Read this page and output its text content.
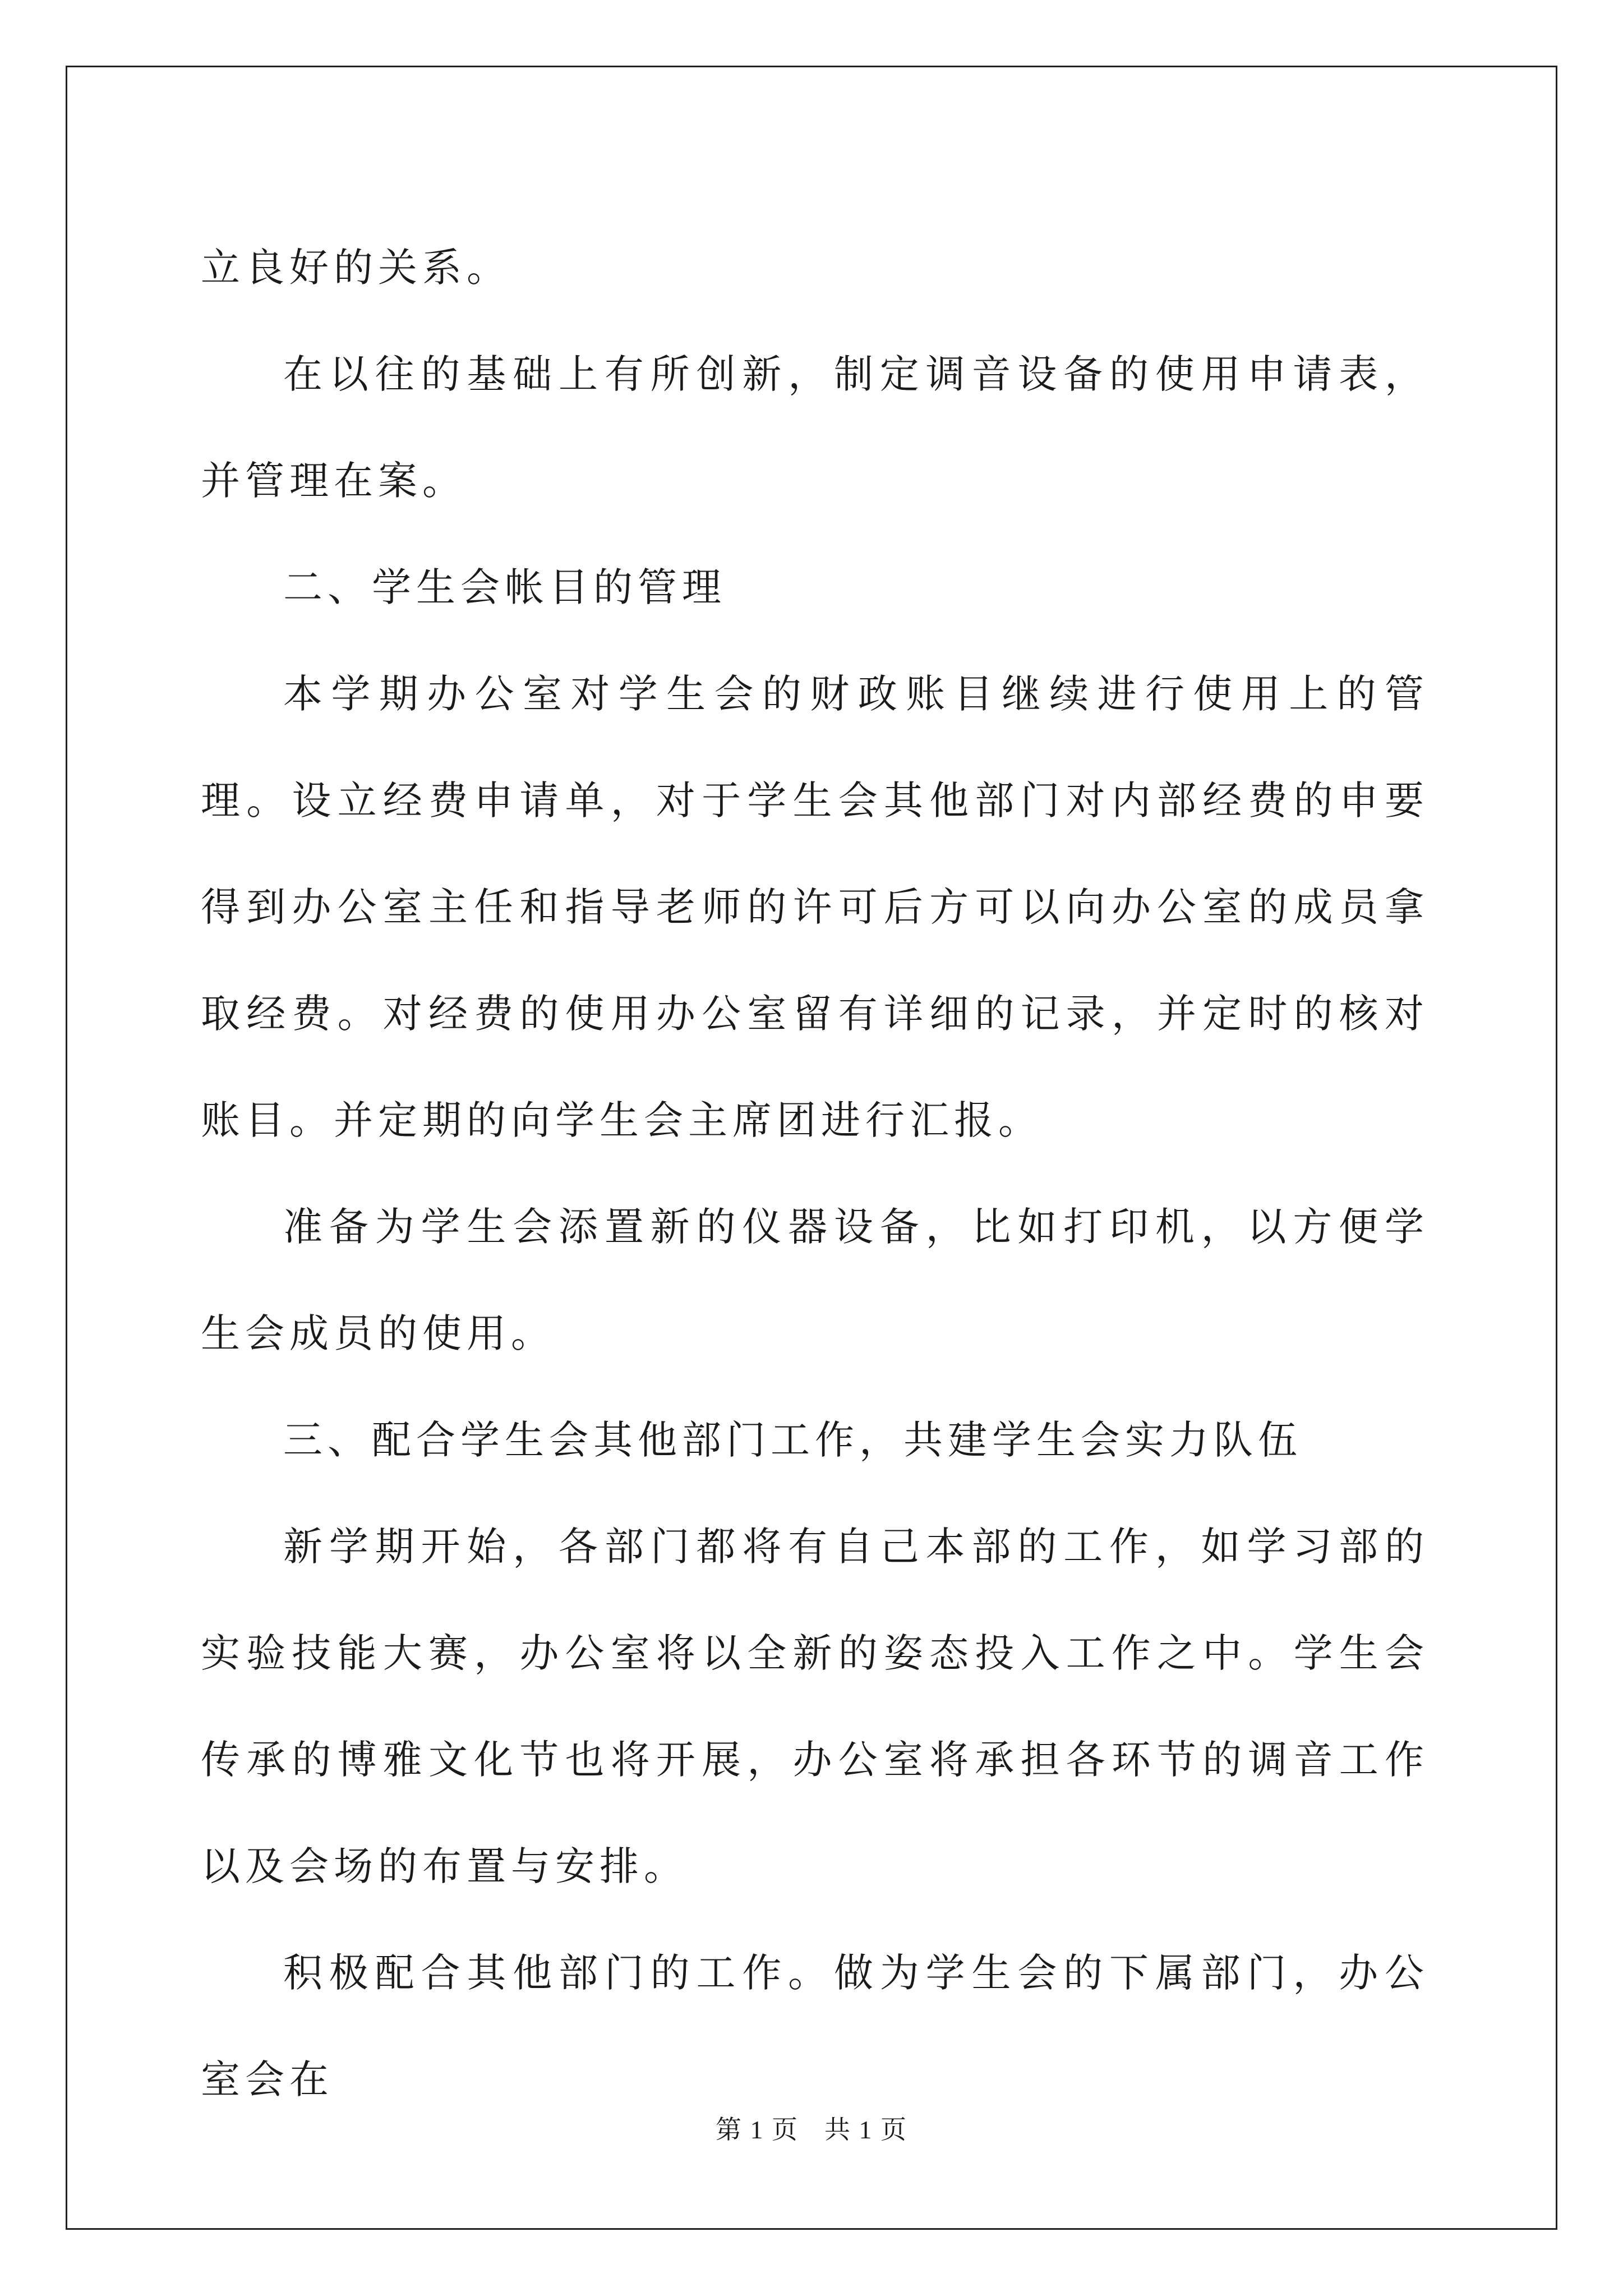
立良好的关系。

在以往的基础上有所创新，制定调音设备的使用申请表，并管理在案。

二、学生会帐目的管理

本学期办公室对学生会的财政账目继续进行使用上的管理。设立经费申请单，对于学生会其他部门对内部经费的申要得到办公室主任和指导老师的许可后方可以向办公室的成员拿取经费。对经费的使用办公室留有详细的记录，并定时的核对账目。并定期的向学生会主席团进行汇报。

准备为学生会添置新的仪器设备，比如打印机，以方便学生会成员的使用。

三、配合学生会其他部门工作，共建学生会实力队伍

新学期开始，各部门都将有自己本部的工作，如学习部的实验技能大赛，办公室将以全新的姿态投入工作之中。学生会传承的博雅文化节也将开展，办公室将承担各环节的调音工作以及会场的布置与安排。

积极配合其他部门的工作。做为学生会的下属部门，办公室会在

第 1 页 共 1 页
